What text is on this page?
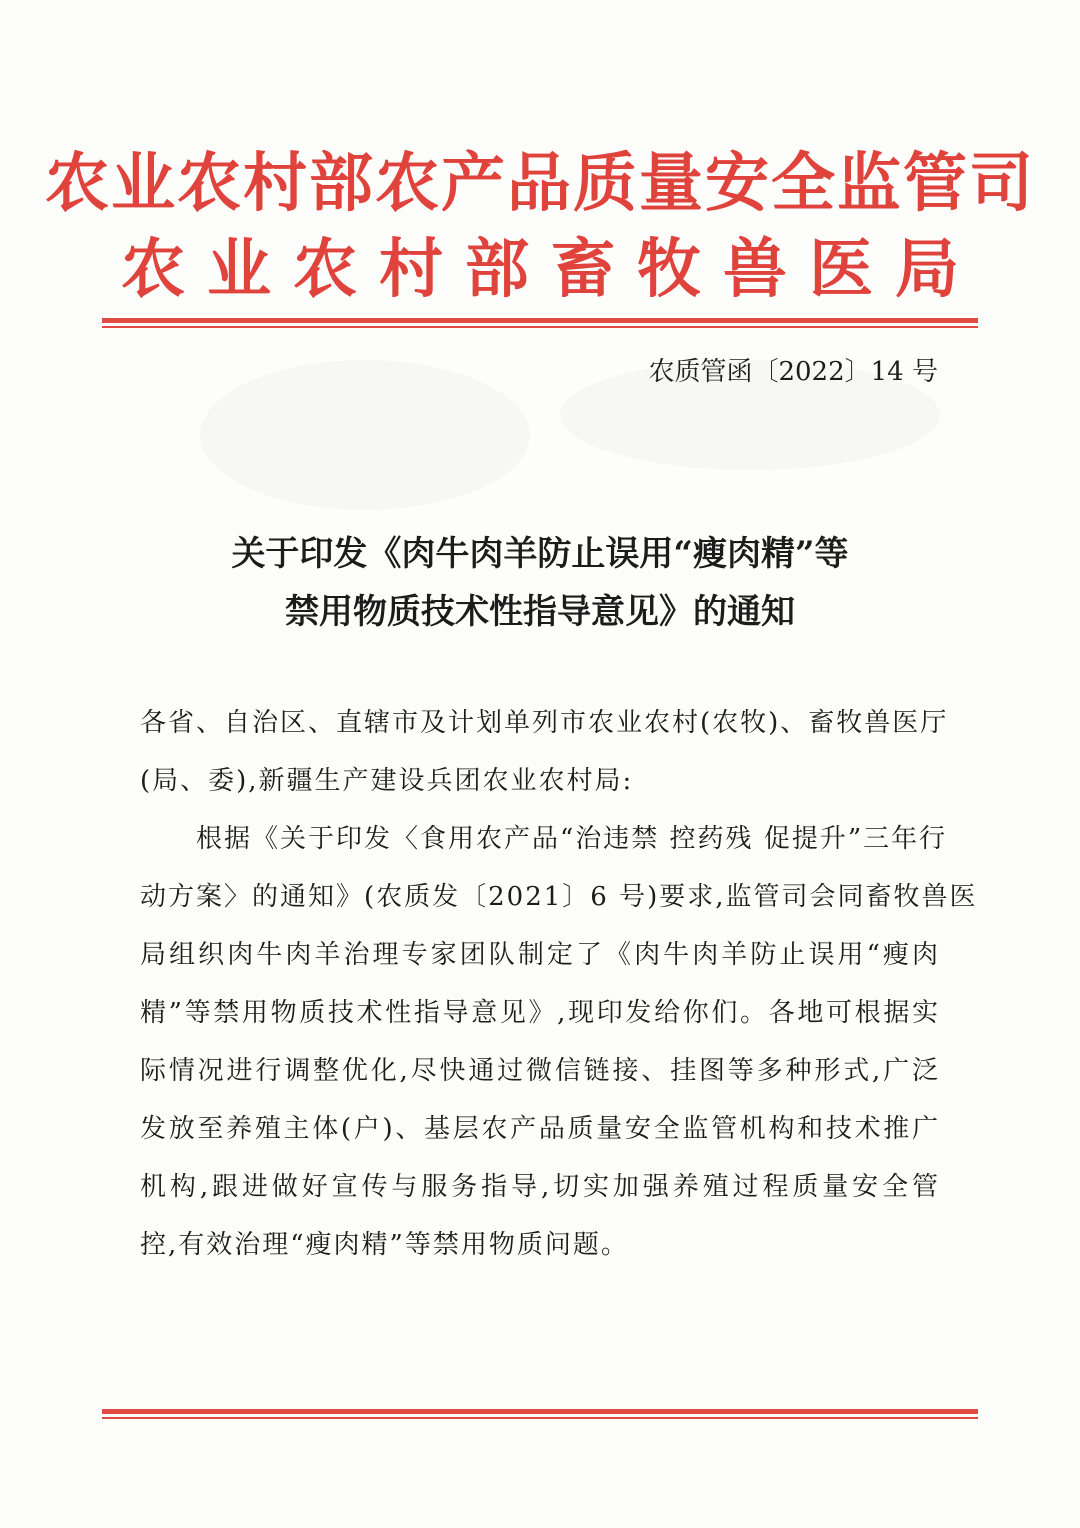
农业农村部农产品质量安全监管司
农业农村部畜牧兽医局
农质管函〔2022〕14 号
关于印发《肉牛肉羊防止误用“瘦肉精”等
禁用物质技术性指导意见》的通知
各省、自治区、直辖市及计划单列市农业农村(农牧)、畜牧兽医厅
(局、委),新疆生产建设兵团农业农村局:
根据《关于印发〈食用农产品“治违禁 控药残 促提升”三年行
动方案〉的通知》(农质发〔2021〕6 号)要求,监管司会同畜牧兽医
局组织肉牛肉羊治理专家团队制定了《肉牛肉羊防止误用“瘦肉
精”等禁用物质技术性指导意见》,现印发给你们。各地可根据实
际情况进行调整优化,尽快通过微信链接、挂图等多种形式,广泛
发放至养殖主体(户)、基层农产品质量安全监管机构和技术推广
机构,跟进做好宣传与服务指导,切实加强养殖过程质量安全管
控,有效治理“瘦肉精”等禁用物质问题。
